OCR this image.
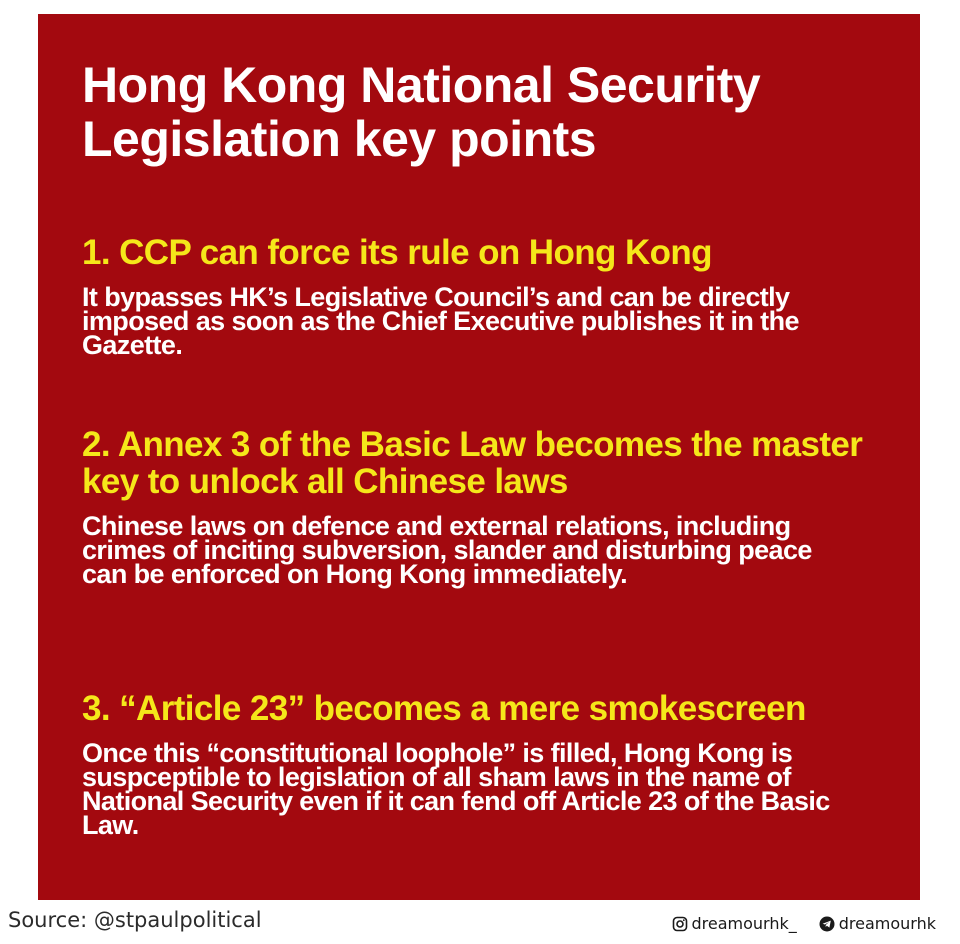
Hong Kong National Security Legislation key points
1. CCP can force its rule on Hong Kong

It bypasses HK’s Legislative Council’s and can be directly imposed as soon as the Chief Executive publishes it in the Gazette.

2. Annex 3 of the Basic Law becomes the master key to unlock all Chinese laws

Chinese laws on defence and external relations, including crimes of inciting subversion, slander and disturbing peace can be enforced on Hong Kong immediately.

3. “Article 23” becomes a mere smokescreen

Once this “constitutional loophole” is filled, Hong Kong is suspceptible to legislation of all sham laws in the name of National Security even if it can fend off Article 23 of the Basic Law.

Source: @stpaulpolitical	dreamourhk_	dreamourhk
